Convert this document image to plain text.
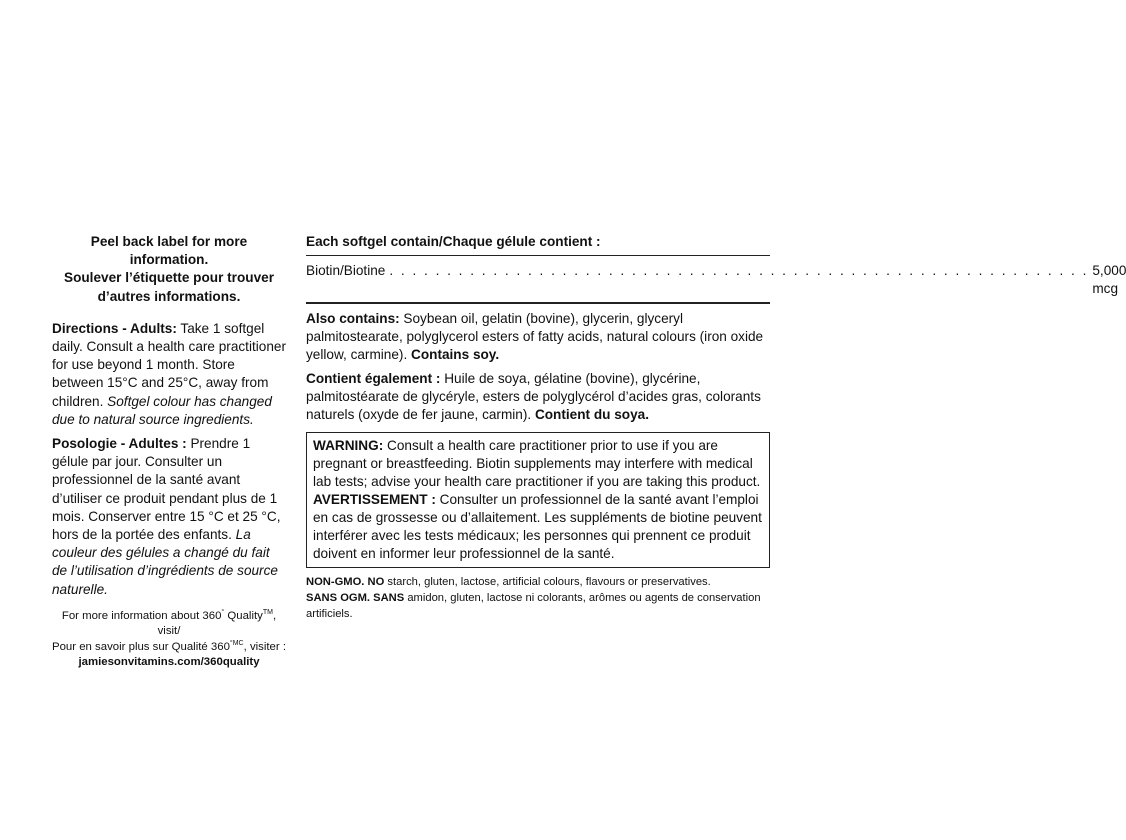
Peel back label for more information.
Soulever l’étiquette pour trouver
d’autres informations.
Directions - Adults: Take 1 softgel daily. Consult a health care practitioner for use beyond 1 month. Store between 15°C and 25°C, away from children. Softgel colour has changed due to natural source ingredients.
Posologie - Adultes : Prendre 1 gélule par jour. Consulter un professionnel de la santé avant d’utiliser ce produit pendant plus de 1 mois. Conserver entre 15 °C et 25 °C, hors de la portée des enfants. La couleur des gélules a changé du fait de l’utilisation d’ingrédients de source naturelle.
For more information about 360° Quality™, visit/
Pour en savoir plus sur Qualité $360^{^\circ MC}$, visiter :
jamiesonvitamins.com/360quality
Each softgel contain/Chaque gélule contient :
Biotin/Biotine . . . . . . . . . . . . . . . . . . . . . . . . . . . . . . . . . . . . . . . . . . . . . . . . . . . . . . . . . . . . . 5,000 mcg
Also contains: Soybean oil, gelatin (bovine), glycerin, glyceryl palmitostearate, polyglycerol esters of fatty acids, natural colours (iron oxide yellow, carmine). Contains soy.
Contient également : Huile de soya, gélatine (bovine), glycérine, palmitostéarate de glycéryle, esters de polyglycérol d’acides gras, colorants naturels (oxyde de fer jaune, carmin). Contient du soya.
WARNING: Consult a health care practitioner prior to use if you are pregnant or breastfeeding. Biotin supplements may interfere with medical lab tests; advise your health care practitioner if you are taking this product.
AVERTISSEMENT : Consulter un professionnel de la santé avant l’emploi en cas de grossesse ou d’allaitement. Les suppléments de biotine peuvent interférer avec les tests médicaux; les personnes qui prennent ce produit doivent en informer leur professionnel de la santé.
NON-GMO. NO starch, gluten, lactose, artificial colours, flavours or preservatives.
SANS OGM. SANS amidon, gluten, lactose ni colorants, arômes ou agents de conservation artificiels.
